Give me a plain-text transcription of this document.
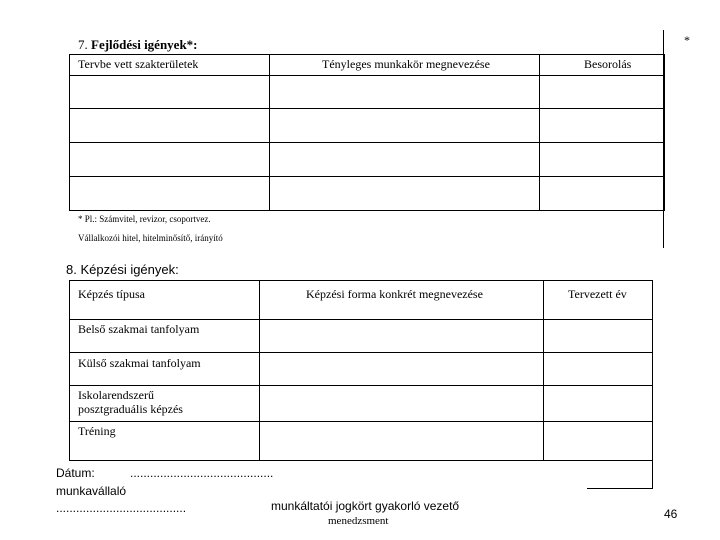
7. Fejlődési igények*:	*
Tervbe vett szakterületek	Tényleges munkakör megnevezése	Besorolás
* Pl.: Számvitel, revizor, csoportvez.
Vállalkozói hitel, hitelminősítő, irányító
8. Képzési igények:
Képzés típusa	Képzési forma konkrét megnevezése	Tervezett év
Belső szakmai tanfolyam
Külső szakmai tanfolyam
Iskolarendszerű
posztgraduális képzés
Tréning
Dátum:	...........................................
munkavállaló
.......................................	munkáltatói jogkört gyakorló vezető
menedzsment	46
